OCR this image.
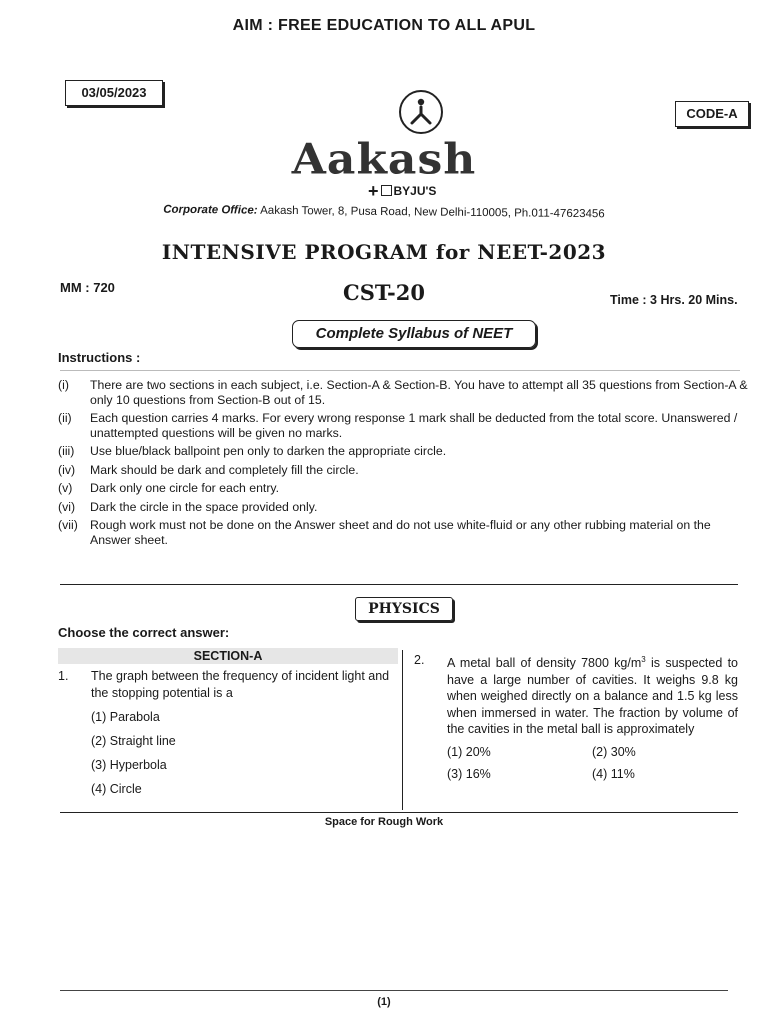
AIM : FREE EDUCATION TO ALL APUL
03/05/2023
CODE-A
Aakash
+ BYJU'S
Corporate Office: Aakash Tower, 8, Pusa Road, New Delhi-110005, Ph.011-47623456
INTENSIVE PROGRAM for NEET-2023
MM : 720	CST-20	Time : 3 Hrs. 20 Mins.
Complete Syllabus of NEET
Instructions :
(i)	There are two sections in each subject, i.e. Section-A & Section-B. You have to attempt all 35 questions from Section-A & only 10 questions from Section-B out of 15.
(ii)	Each question carries 4 marks. For every wrong response 1 mark shall be deducted from the total score. Unanswered / unattempted questions will be given no marks.
(iii)	Use blue/black ballpoint pen only to darken the appropriate circle.
(iv)	Mark should be dark and completely fill the circle.
(v)	Dark only one circle for each entry.
(vi)	Dark the circle in the space provided only.
(vii) Rough work must not be done on the Answer sheet and do not use white-fluid or any other rubbing material on the Answer sheet.
PHYSICS
Choose the correct answer:
SECTION-A
1. The graph between the frequency of incident light and the stopping potential is a
(1) Parabola
(2) Straight line
(3) Hyperbola
(4) Circle
2. A metal ball of density 7800 $kg/m^3$ is suspected to have a large number of cavities. It weighs 9.8 kg when weighed directly on a balance and 1.5 kg less when immersed in water. The fraction by volume of the cavities in the metal ball is approximately
(1) 20%	(2) 30%
(3) 16%	(4) 11%
Space for Rough Work
(1)
